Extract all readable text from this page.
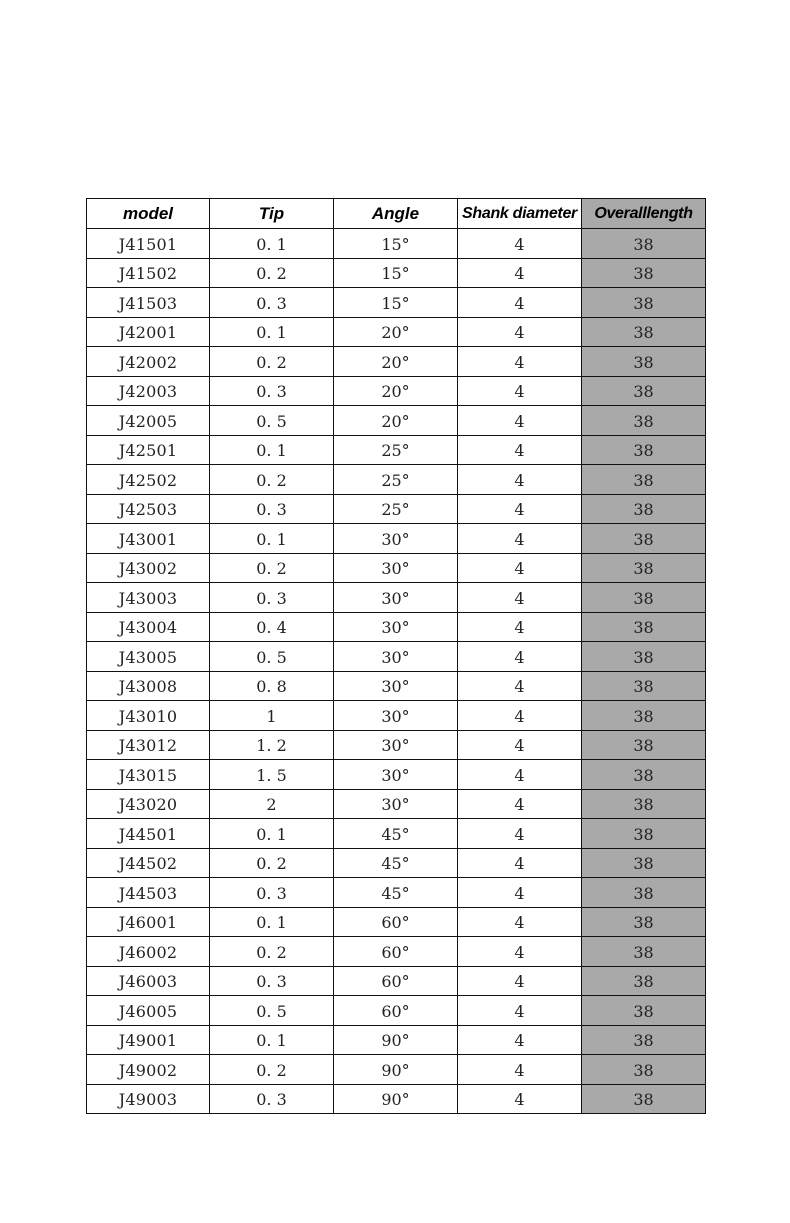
model	Tip	Angle	Shank diameter	Overalllength
J41501	0. 1	15°	4	38
J41502	0. 2	15°	4	38
J41503	0. 3	15°	4	38
J42001	0. 1	20°	4	38
J42002	0. 2	20°	4	38
J42003	0. 3	20°	4	38
J42005	0. 5	20°	4	38
J42501	0. 1	25°	4	38
J42502	0. 2	25°	4	38
J42503	0. 3	25°	4	38
J43001	0. 1	30°	4	38
J43002	0. 2	30°	4	38
J43003	0. 3	30°	4	38
J43004	0. 4	30°	4	38
J43005	0. 5	30°	4	38
J43008	0. 8	30°	4	38
J43010	1	30°	4	38
J43012	1. 2	30°	4	38
J43015	1. 5	30°	4	38
J43020	2	30°	4	38
J44501	0. 1	45°	4	38
J44502	0. 2	45°	4	38
J44503	0. 3	45°	4	38
J46001	0. 1	60°	4	38
J46002	0. 2	60°	4	38
J46003	0. 3	60°	4	38
J46005	0. 5	60°	4	38
J49001	0. 1	90°	4	38
J49002	0. 2	90°	4	38
J49003	0. 3	90°	4	38
